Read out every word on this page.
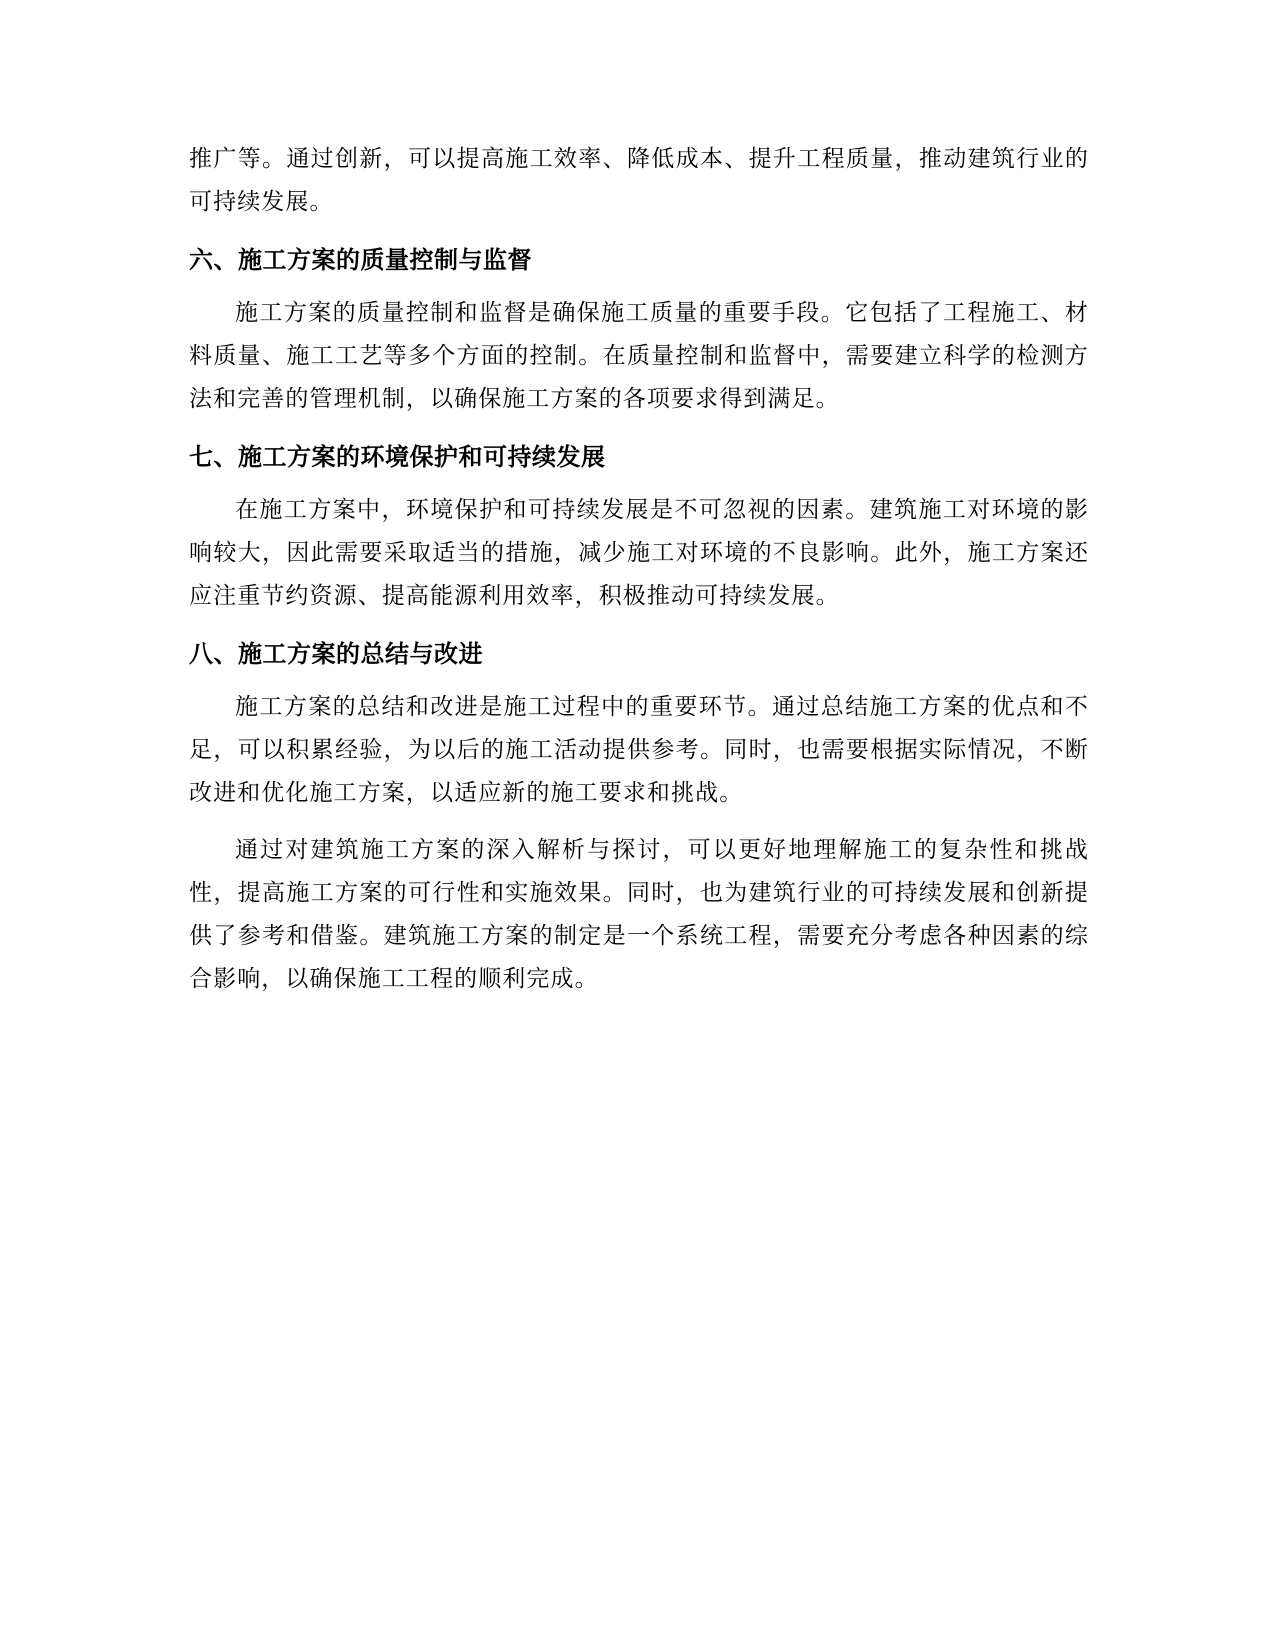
推广等。通过创新，可以提高施工效率、降低成本、提升工程质量，推动建筑行业的可持续发展。

六、施工方案的质量控制与监督

施工方案的质量控制和监督是确保施工质量的重要手段。它包括了工程施工、材料质量、施工工艺等多个方面的控制。在质量控制和监督中，需要建立科学的检测方法和完善的管理机制，以确保施工方案的各项要求得到满足。

七、施工方案的环境保护和可持续发展

在施工方案中，环境保护和可持续发展是不可忽视的因素。建筑施工对环境的影响较大，因此需要采取适当的措施，减少施工对环境的不良影响。此外，施工方案还应注重节约资源、提高能源利用效率，积极推动可持续发展。

八、施工方案的总结与改进

施工方案的总结和改进是施工过程中的重要环节。通过总结施工方案的优点和不足，可以积累经验，为以后的施工活动提供参考。同时，也需要根据实际情况，不断改进和优化施工方案，以适应新的施工要求和挑战。

通过对建筑施工方案的深入解析与探讨，可以更好地理解施工的复杂性和挑战性，提高施工方案的可行性和实施效果。同时，也为建筑行业的可持续发展和创新提供了参考和借鉴。建筑施工方案的制定是一个系统工程，需要充分考虑各种因素的综合影响，以确保施工工程的顺利完成。
